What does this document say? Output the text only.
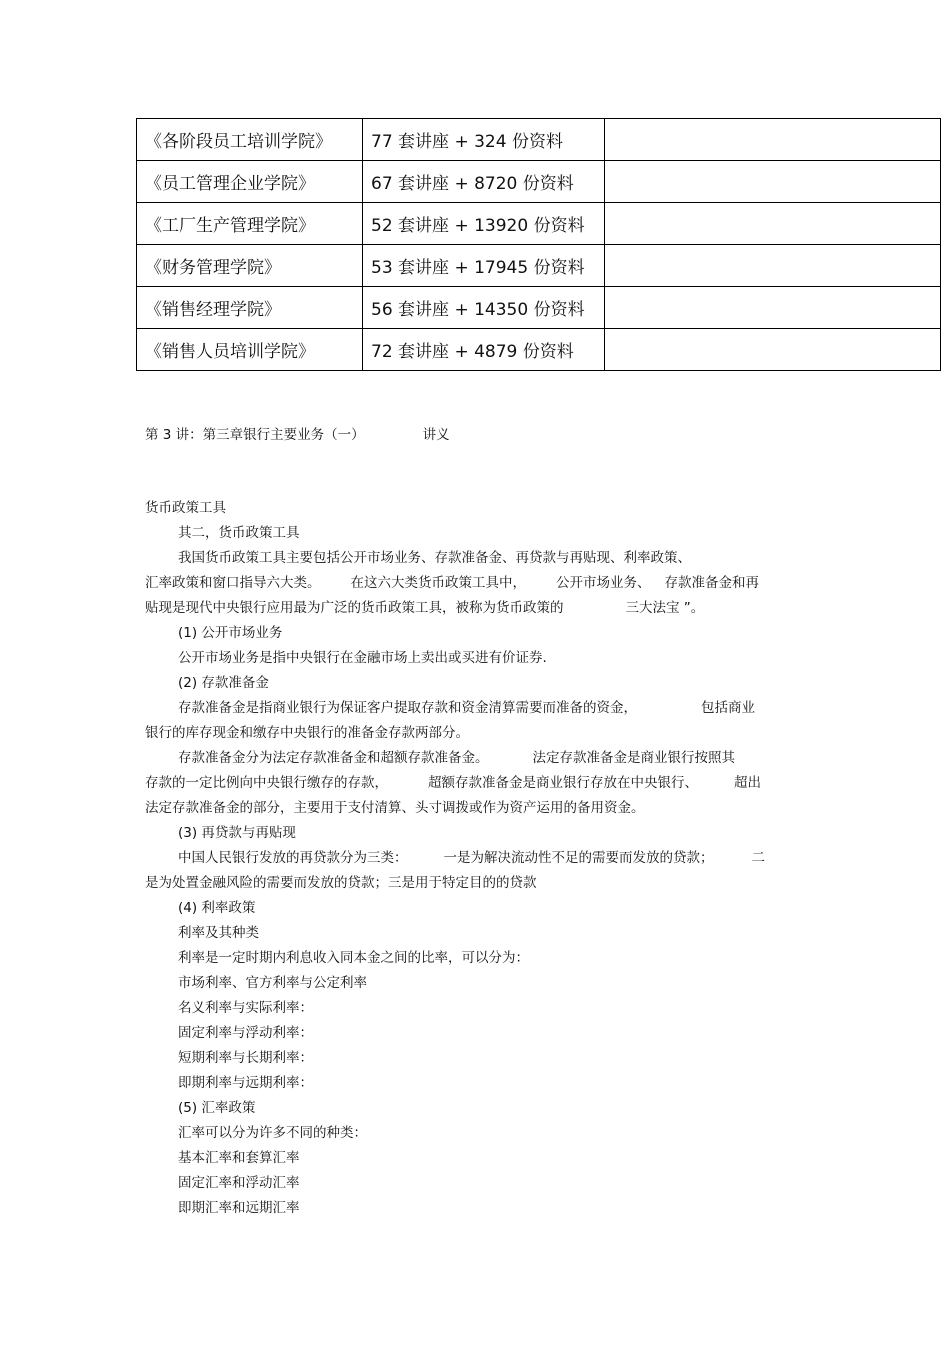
《各阶段员工培训学院》	77 套讲座 + 324 份资料	
《员工管理企业学院》	67 套讲座 + 8720 份资料	
《工厂生产管理学院》	52 套讲座 + 13920 份资料	
《财务管理学院》	53 套讲座 + 17945 份资料	
《销售经理学院》	56 套讲座 + 14350 份资料	
《销售人员培训学院》	72 套讲座 + 4879 份资料	
第 3 讲：第三章银行主要业务（一）	讲义

货币政策工具

其二，货币政策工具

我国货币政策工具主要包括公开市场业务、存款准备金、再贷款与再贴现、利率政策、

汇率政策和窗口指导六大类。 在这六大类货币政策工具中， 公开市场业务、 存款准备金和再

贴现是现代中央银行应用最为广泛的货币政策工具，被称为货币政策的	三大法宝 ”。

(1) 公开市场业务

公开市场业务是指中央银行在金融市场上卖出或买进有价证券.

(2) 存款准备金

存款准备金是指商业银行为保证客户提取存款和资金清算需要而准备的资金，	包括商业

银行的库存现金和缴存中央银行的准备金存款两部分。

存款准备金分为法定存款准备金和超额存款准备金。	法定存款准备金是商业银行按照其

存款的一定比例向中央银行缴存的存款，	超额存款准备金是商业银行存放在中央银行、	超出

法定存款准备金的部分，主要用于支付清算、头寸调拨或作为资产运用的备用资金。

(3) 再贷款与再贴现

中国人民银行发放的再贷款分为三类：	一是为解决流动性不足的需要而发放的贷款；	二

是为处置金融风险的需要而发放的贷款；三是用于特定目的的贷款

(4) 利率政策

利率及其种类

利率是一定时期内利息收入同本金之间的比率，可以分为：

市场利率、官方利率与公定利率

名义利率与实际利率：

固定利率与浮动利率：

短期利率与长期利率：

即期利率与远期利率：

(5) 汇率政策

汇率可以分为许多不同的种类：

基本汇率和套算汇率

固定汇率和浮动汇率

即期汇率和远期汇率
